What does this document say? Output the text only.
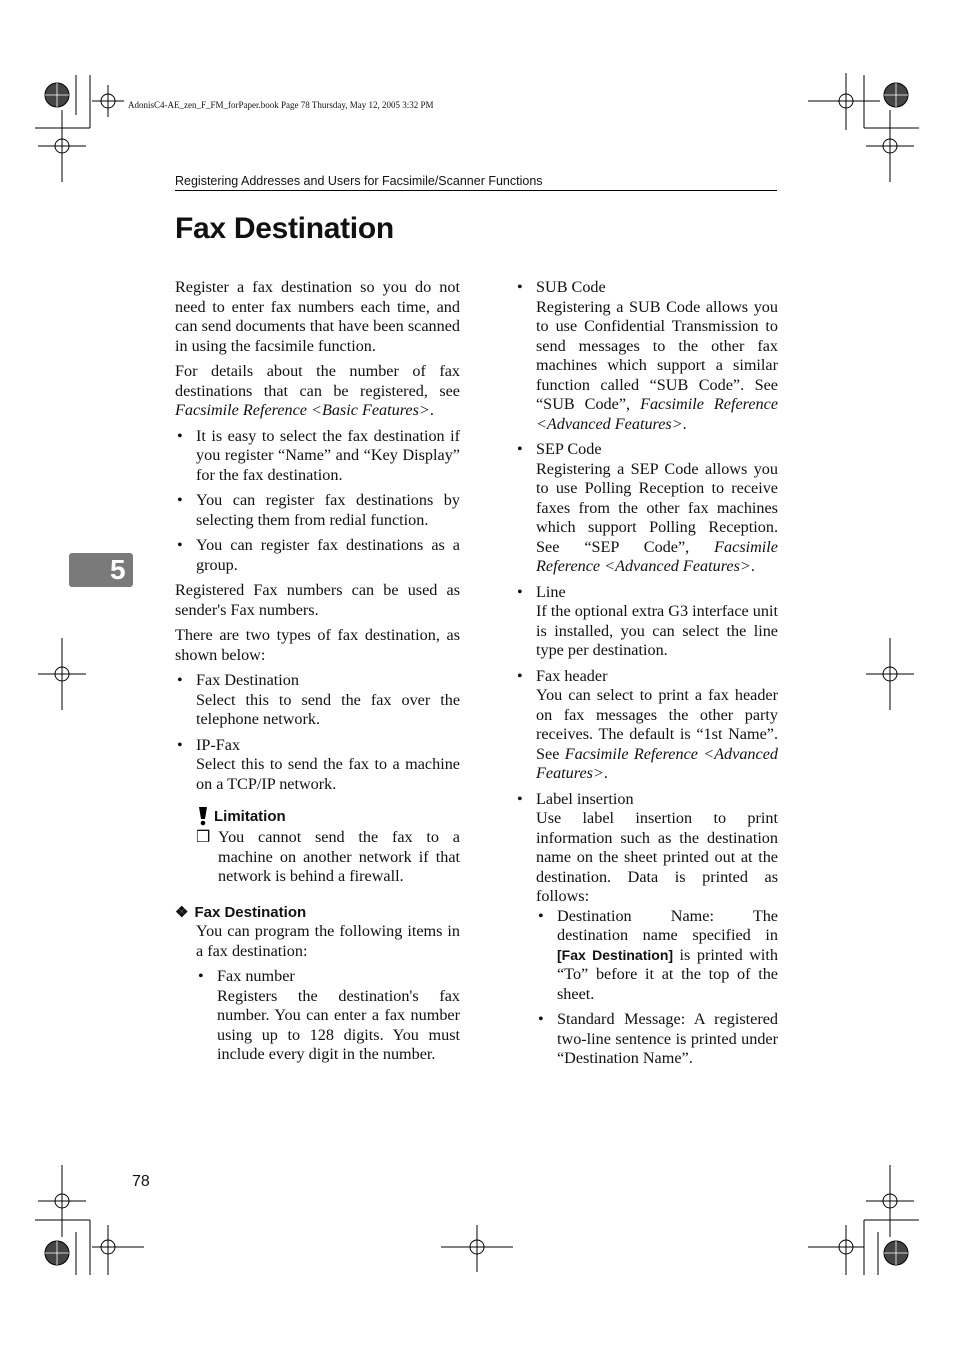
AdonisC4-AE_zen_F_FM_forPaper.book Page 78 Thursday, May 12, 2005 3:32 PM
Registering Addresses and Users for Facsimile/Scanner Functions
Fax Destination
5

Register a fax destination so you do not need to enter fax numbers each time, and can send documents that have been scanned in using the facsimile function.

For details about the number of fax destinations that can be registered, see Facsimile Reference <Basic Features>.

• It is easy to select the fax destination if you register “Name” and “Key Display” for the fax destination.
• You can register fax destinations by selecting them from redial function.
• You can register fax destinations as a group.

Registered Fax numbers can be used as sender's Fax numbers.

There are two types of fax destination, as shown below:

• Fax Destination
Select this to send the fax over the telephone network.
• IP-Fax
Select this to send the fax to a machine on a TCP/IP network.
Limitation
❒ You cannot send the fax to a machine on another network if that network is behind a firewall.
❖ Fax Destination

You can program the following items in a fax destination:

• Fax number
Registers the destination's fax number. You can enter a fax number using up to 128 digits. You must include every digit in the number.
• SUB Code
Registering a SUB Code allows you to use Confidential Transmission to send messages to the other fax machines which support a similar function called “SUB Code”. See “SUB Code”, Facsimile Reference <Advanced Features>.
• SEP Code
Registering a SEP Code allows you to use Polling Reception to receive faxes from the other fax machines which support Polling Reception. See “SEP Code”, Facsimile Reference <Advanced Features>.
• Line
If the optional extra G3 interface unit is installed, you can select the line type per destination.
• Fax header
You can select to print a fax header on fax messages the other party receives. The default is “1st Name”. See Facsimile Reference <Advanced Features>.
• Label insertion
Use label insertion to print information such as the destination name on the sheet printed out at the destination. Data is printed as follows:
• Destination Name: The destination name specified in [Fax Destination] is printed with “To” before it at the top of the sheet.
• Standard Message: A registered two-line sentence is printed under “Destination Name”.
78
